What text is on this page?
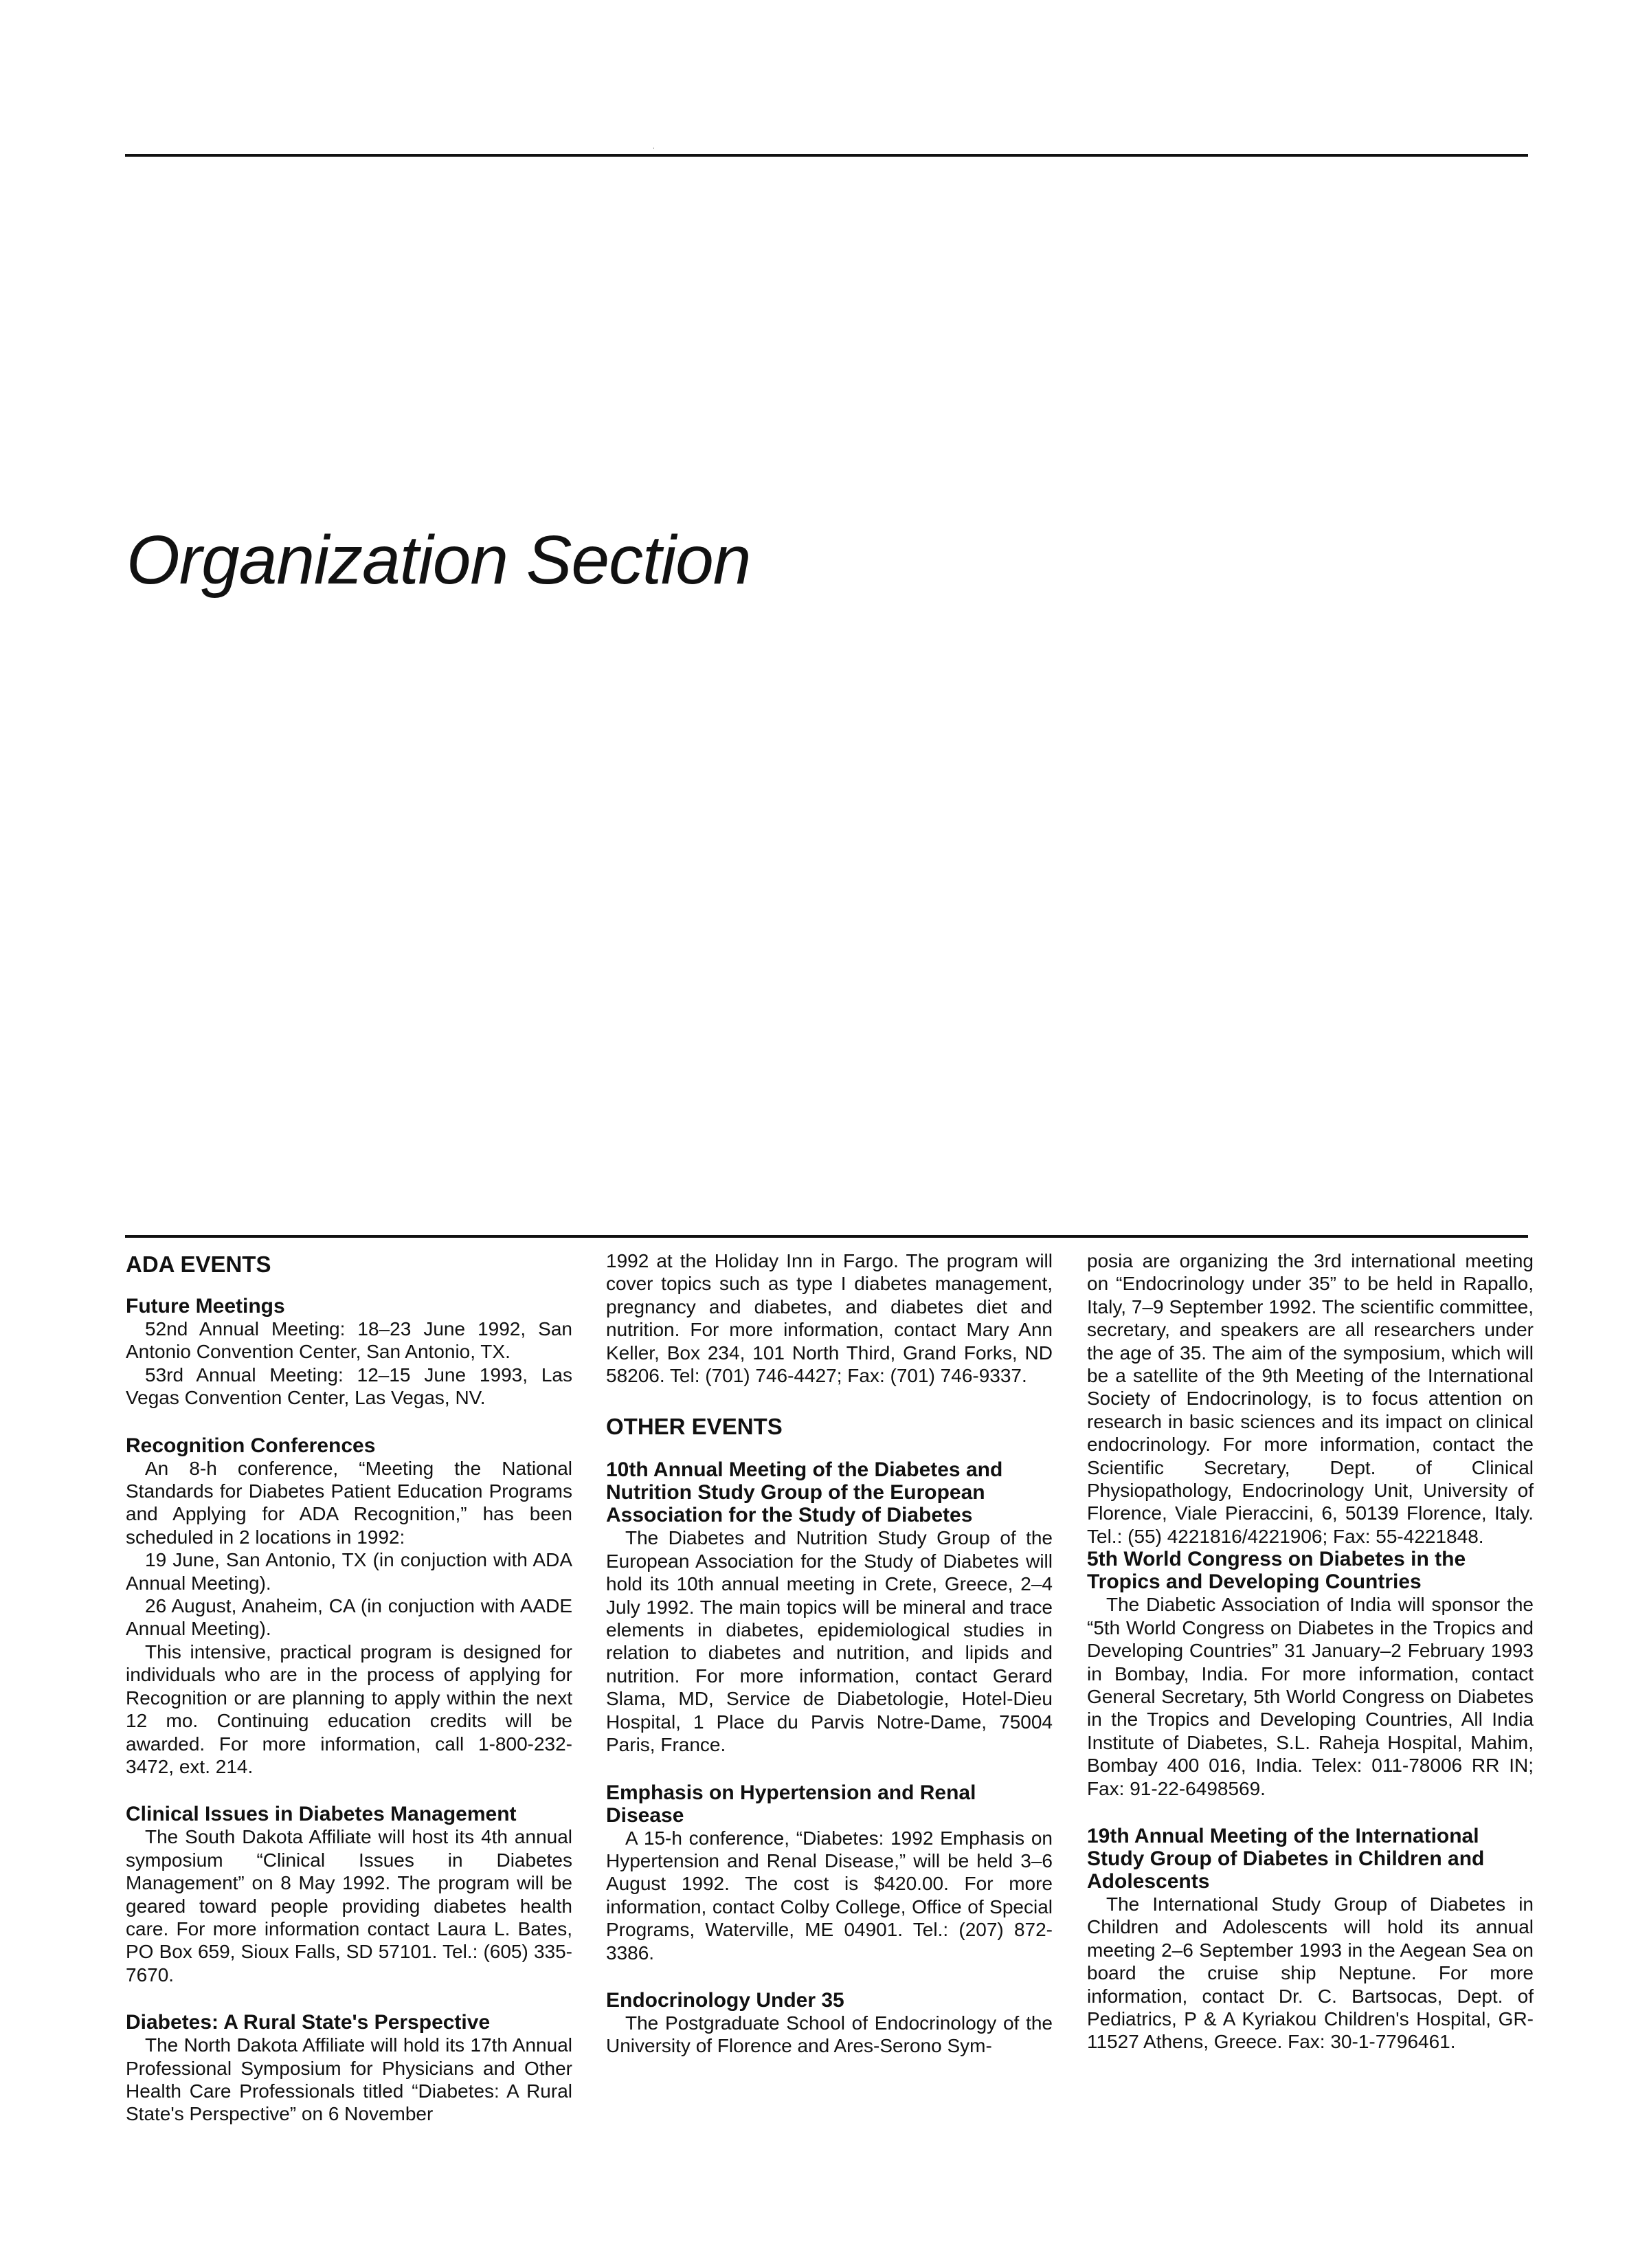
.
Organization Section
ADA EVENTS
Future Meetings

52nd Annual Meeting: 18–23 June 1992, San Antonio Convention Center, San Antonio, TX.

53rd Annual Meeting: 12–15 June 1993, Las Vegas Convention Center, Las Vegas, NV.

Recognition Conferences

An 8-h conference, “Meeting the National Standards for Diabetes Patient Education Programs and Applying for ADA Recognition,” has been scheduled in 2 locations in 1992:

19 June, San Antonio, TX (in conjuction with ADA Annual Meeting).

26 August, Anaheim, CA (in conjuction with AADE Annual Meeting).

This intensive, practical program is designed for individuals who are in the process of applying for Recognition or are planning to apply within the next 12 mo. Continuing education credits will be awarded. For more information, call 1-800-232-3472, ext. 214.

Clinical Issues in Diabetes Management

The South Dakota Affiliate will host its 4th annual symposium “Clinical Issues in Diabetes Management” on 8 May 1992. The program will be geared toward people providing diabetes health care. For more information contact Laura L. Bates, PO Box 659, Sioux Falls, SD 57101. Tel.: (605) 335-7670.

Diabetes: A Rural State's Perspective

The North Dakota Affiliate will hold its 17th Annual Professional Symposium for Physicians and Other Health Care Professionals titled “Diabetes: A Rural State's Perspective” on 6 November

1992 at the Holiday Inn in Fargo. The program will cover topics such as type I diabetes management, pregnancy and diabetes, and diabetes diet and nutrition. For more information, contact Mary Ann Keller, Box 234, 101 North Third, Grand Forks, ND 58206. Tel: (701) 746-4427; Fax: (701) 746-9337.

OTHER EVENTS
10th Annual Meeting of the Diabetes and Nutrition Study Group of the European Association for the Study of Diabetes

The Diabetes and Nutrition Study Group of the European Association for the Study of Diabetes will hold its 10th annual meeting in Crete, Greece, 2–4 July 1992. The main topics will be mineral and trace elements in diabetes, epidemiological studies in relation to diabetes and nutrition, and lipids and nutrition. For more information, contact Gerard Slama, MD, Service de Diabetologie, Hotel-Dieu Hospital, 1 Place du Parvis Notre-Dame, 75004 Paris, France.

Emphasis on Hypertension and Renal Disease

A 15-h conference, “Diabetes: 1992 Emphasis on Hypertension and Renal Disease,” will be held 3–6 August 1992. The cost is $420.00. For more information, contact Colby College, Office of Special Programs, Waterville, ME 04901. Tel.: (207) 872-3386.

Endocrinology Under 35

The Postgraduate School of Endocrinology of the University of Florence and Ares-Serono Sym-

posia are organizing the 3rd international meeting on “Endocrinology under 35” to be held in Rapallo, Italy, 7–9 September 1992. The scientific committee, secretary, and speakers are all researchers under the age of 35. The aim of the symposium, which will be a satellite of the 9th Meeting of the International Society of Endocrinology, is to focus attention on research in basic sciences and its impact on clinical endocrinology. For more information, contact the Scientific Secretary, Dept. of Clinical Physiopathology, Endocrinology Unit, University of Florence, Viale Pieraccini, 6, 50139 Florence, Italy. Tel.: (55) 4221816/4221906; Fax: 55-4221848.

5th World Congress on Diabetes in the Tropics and Developing Countries

The Diabetic Association of India will sponsor the “5th World Congress on Diabetes in the Tropics and Developing Countries” 31 January–2 February 1993 in Bombay, India. For more information, contact General Secretary, 5th World Congress on Diabetes in the Tropics and Developing Countries, All India Institute of Diabetes, S.L. Raheja Hospital, Mahim, Bombay 400 016, India. Telex: 011-78006 RR IN; Fax: 91-22-6498569.

19th Annual Meeting of the International Study Group of Diabetes in Children and Adolescents

The International Study Group of Diabetes in Children and Adolescents will hold its annual meeting 2–6 September 1993 in the Aegean Sea on board the cruise ship Neptune. For more information, contact Dr. C. Bartsocas, Dept. of Pediatrics, P & A Kyriakou Children's Hospital, GR-11527 Athens, Greece. Fax: 30-1-7796461.
